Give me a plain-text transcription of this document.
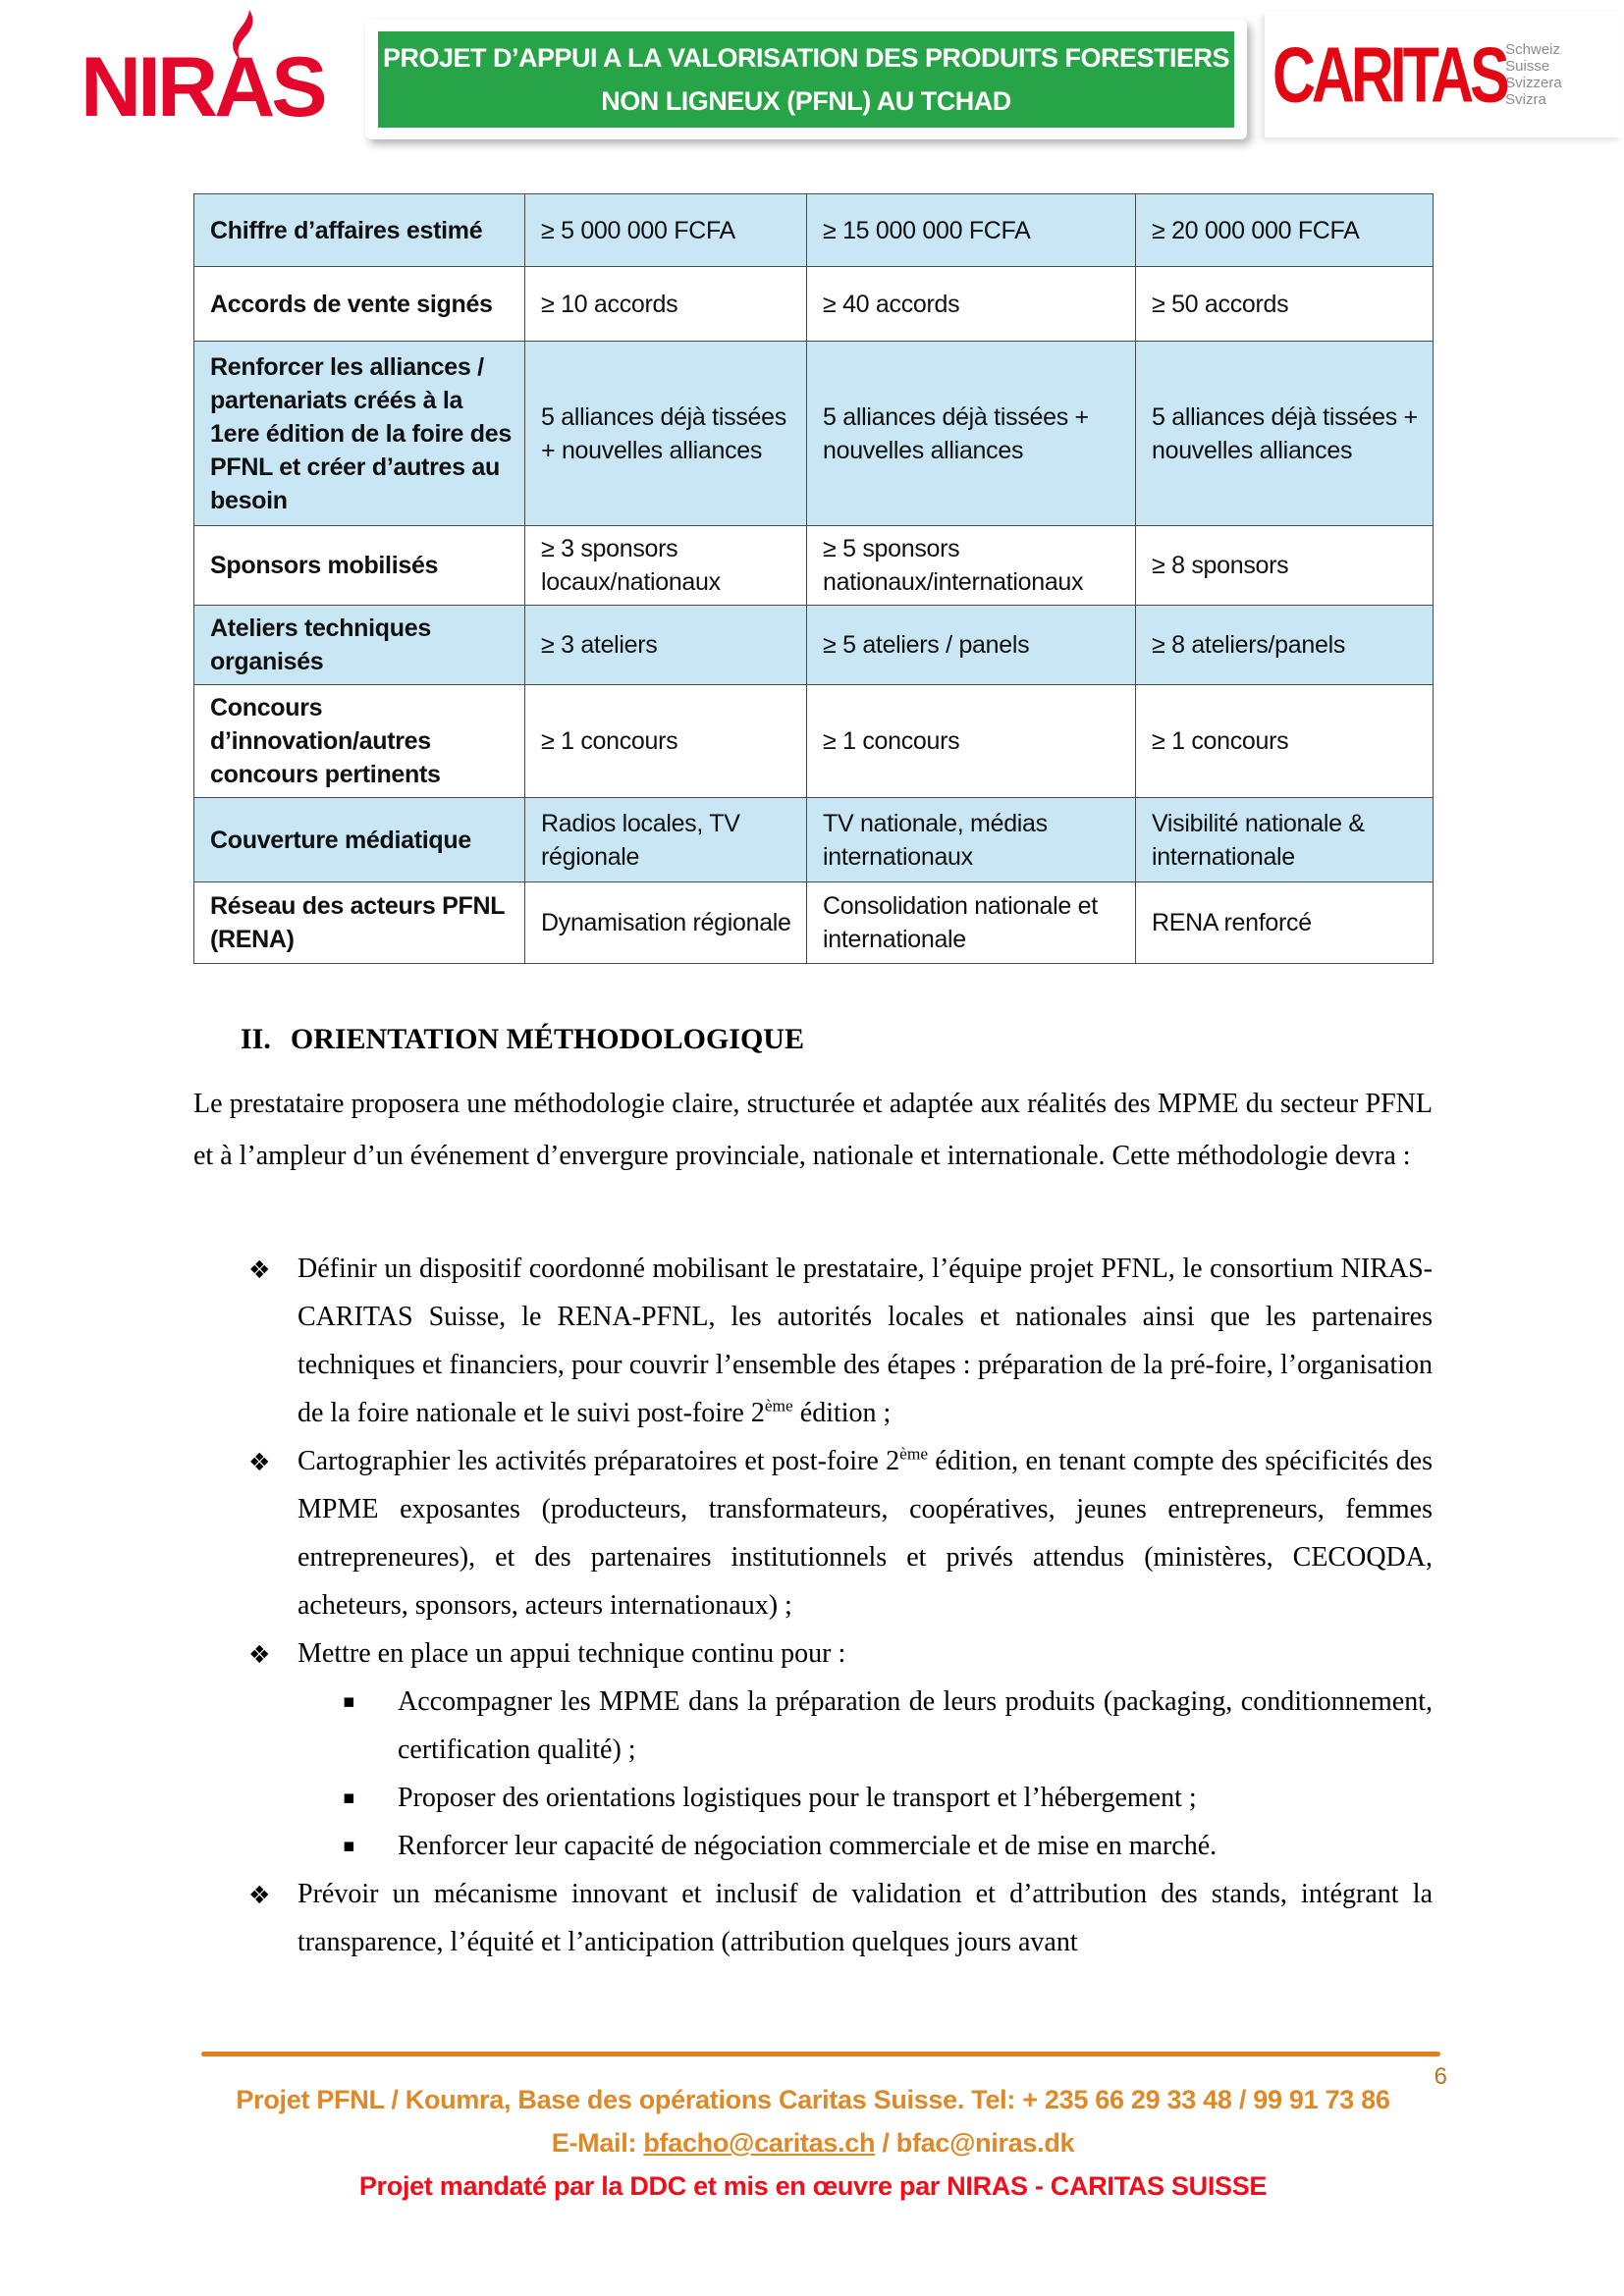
NIRAS PROJET D’APPUI A LA VALORISATION DES PRODUITS FORESTIERS
NON LIGNEUX (PFNL) AU TCHAD	CARITAS Schweiz
Suisse
Svizzera
Svizra
Chiffre d’affaires estimé	≥ 5 000 000 FCFA	≥ 15 000 000 FCFA	≥ 20 000 000 FCFA
Accords de vente signés	≥ 10 accords	≥ 40 accords	≥ 50 accords
Renforcer les alliances / partenariats créés à la 1ere édition de la foire des PFNL et créer d’autres au besoin	5 alliances déjà tissées + nouvelles alliances	5 alliances déjà tissées + nouvelles alliances	5 alliances déjà tissées + nouvelles alliances
Sponsors mobilisés	≥ 3 sponsors locaux/nationaux	≥ 5 sponsors nationaux/internationaux	≥ 8 sponsors
Ateliers techniques organisés	≥ 3 ateliers	≥ 5 ateliers / panels	≥ 8 ateliers/panels
Concours d’innovation/autres concours pertinents	≥ 1 concours	≥ 1 concours	≥ 1 concours
Couverture médiatique	Radios locales, TV régionale	TV nationale, médias internationaux	Visibilité nationale & internationale
Réseau des acteurs PFNL (RENA)	Dynamisation régionale	Consolidation nationale et internationale	RENA renforcé
II. ORIENTATION MÉTHODOLOGIQUE
Le prestataire proposera une méthodologie claire, structurée et adaptée aux réalités des MPME du secteur PFNL et à l’ampleur d’un événement d’envergure provinciale, nationale et internationale. Cette méthodologie devra :
❖ Définir un dispositif coordonné mobilisant le prestataire, l’équipe projet PFNL, le consortium NIRAS-CARITAS Suisse, le RENA-PFNL, les autorités locales et nationales ainsi que les partenaires techniques et financiers, pour couvrir l’ensemble des étapes : préparation de la pré-foire, l’organisation de la foire nationale et le suivi post-foire 2ème édition ;
❖ Cartographier les activités préparatoires et post-foire 2ème édition, en tenant compte des spécificités des MPME exposantes (producteurs, transformateurs, coopératives, jeunes entrepreneurs, femmes entrepreneures), et des partenaires institutionnels et privés attendus (ministères, CECOQDA, acheteurs, sponsors, acteurs internationaux) ;
❖ Mettre en place un appui technique continu pour :
▪ Accompagner les MPME dans la préparation de leurs produits (packaging, conditionnement, certification qualité) ;
▪ Proposer des orientations logistiques pour le transport et l’hébergement ;
▪ Renforcer leur capacité de négociation commerciale et de mise en marché.
❖ Prévoir un mécanisme innovant et inclusif de validation et d’attribution des stands, intégrant la transparence, l’équité et l’anticipation (attribution quelques jours avant
6
Projet PFNL / Koumra, Base des opérations Caritas Suisse. Tel: + 235 66 29 33 48 / 99 91 73 86
E-Mail: bfacho@caritas.ch / bfac@niras.dk
Projet mandaté par la DDC et mis en œuvre par NIRAS - CARITAS SUISSE
